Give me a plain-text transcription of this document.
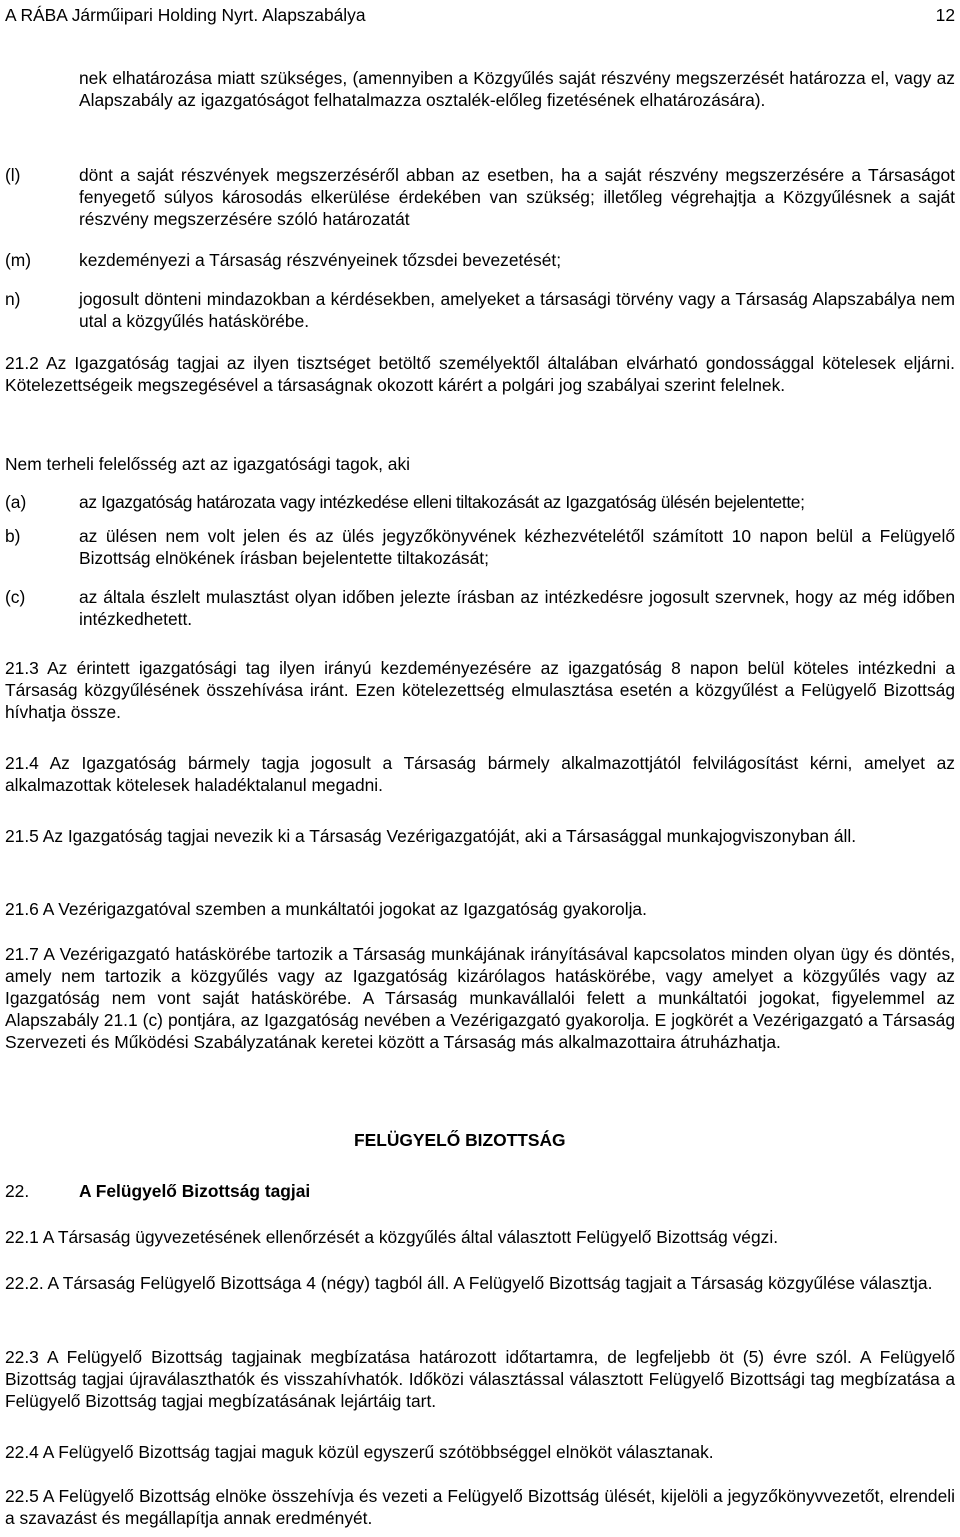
A RÁBA Járműipari Holding Nyrt. Alapszabálya	12
nek elhatározása miatt szükséges, (amennyiben a Közgyűlés saját részvény megszerzését határozza el, vagy az Alapszabály az igazgatóságot felhatalmazza osztalék-előleg fizetésének elhatározására).
(l)	dönt a saját részvények megszerzéséről abban az esetben, ha a saját részvény megszerzésére a Társaságot fenyegető súlyos károsodás elkerülése érdekében van szükség; illetőleg végrehajtja a Közgyűlésnek a saját részvény megszerzésére szóló határozatát
(m)	kezdeményezi a Társaság részvényeinek tőzsdei bevezetését;
n)	jogosult dönteni mindazokban a kérdésekben, amelyeket a társasági törvény vagy a Társaság Alapszabálya nem utal a közgyűlés hatáskörébe.
21.2 Az Igazgatóság tagjai az ilyen tisztséget betöltő személyektől általában elvárható gondossággal kötelesek eljárni. Kötelezettségeik megszegésével a társaságnak okozott kárért a polgári jog szabályai szerint felelnek.
Nem terheli felelősség azt az igazgatósági tagok, aki
(a)	az Igazgatóság határozata vagy intézkedése elleni tiltakozását az Igazgatóság ülésén bejelentette;
b)	az ülésen nem volt jelen és az ülés jegyzőkönyvének kézhezvételétől számított 10 napon belül a Felügyelő Bizottság elnökének írásban bejelentette tiltakozását;
(c)	az általa észlelt mulasztást olyan időben jelezte írásban az intézkedésre jogosult szervnek, hogy az még időben intézkedhetett.
21.3 Az érintett igazgatósági tag ilyen irányú kezdeményezésére az igazgatóság 8 napon belül köteles intézkedni a Társaság közgyűlésének összehívása iránt. Ezen kötelezettség elmulasztása esetén a közgyűlést a Felügyelő Bizottság hívhatja össze.
21.4 Az Igazgatóság bármely tagja jogosult a Társaság bármely alkalmazottjától felvilágosítást kérni, amelyet az alkalmazottak kötelesek haladéktalanul megadni.
21.5 Az Igazgatóság tagjai nevezik ki a Társaság Vezérigazgatóját, aki a Társasággal munkajogviszonyban áll.
21.6 A Vezérigazgatóval szemben a munkáltatói jogokat az Igazgatóság gyakorolja.
21.7 A Vezérigazgató hatáskörébe tartozik a Társaság munkájának irányításával kapcsolatos minden olyan ügy és döntés, amely nem tartozik a közgyűlés vagy az Igazgatóság kizárólagos hatáskörébe, vagy amelyet a közgyűlés vagy az Igazgatóság nem vont saját hatáskörébe. A Társaság munkavállalói felett a munkáltatói jogokat, figyelemmel az Alapszabály 21.1 (c) pontjára, az Igazgatóság nevében a Vezérigazgató gyakorolja. E jogkörét a Vezérigazgató a Társaság Szervezeti és Működési Szabályzatának keretei között a Társaság más alkalmazottaira átruházhatja.
FELÜGYELŐ BIZOTTSÁG
22.	A Felügyelő Bizottság tagjai
22.1 A Társaság ügyvezetésének ellenőrzését a közgyűlés által választott Felügyelő Bizottság végzi.
22.2. A Társaság Felügyelő Bizottsága 4 (négy) tagból áll. A Felügyelő Bizottság tagjait a Társaság közgyűlése választja.
22.3 A Felügyelő Bizottság tagjainak megbízatása határozott időtartamra, de legfeljebb öt (5) évre szól. A Felügyelő Bizottság tagjai újraválaszthatók és visszahívhatók. Időközi választással választott Felügyelő Bizottsági tag megbízatása a Felügyelő Bizottság tagjai megbízatásának lejártáig tart.
22.4 A Felügyelő Bizottság tagjai maguk közül egyszerű szótöbbséggel elnököt választanak.
22.5 A Felügyelő Bizottság elnöke összehívja és vezeti a Felügyelő Bizottság ülését, kijelöli a jegyzőkönyvvezetőt, elrendeli a szavazást és megállapítja annak eredményét.
